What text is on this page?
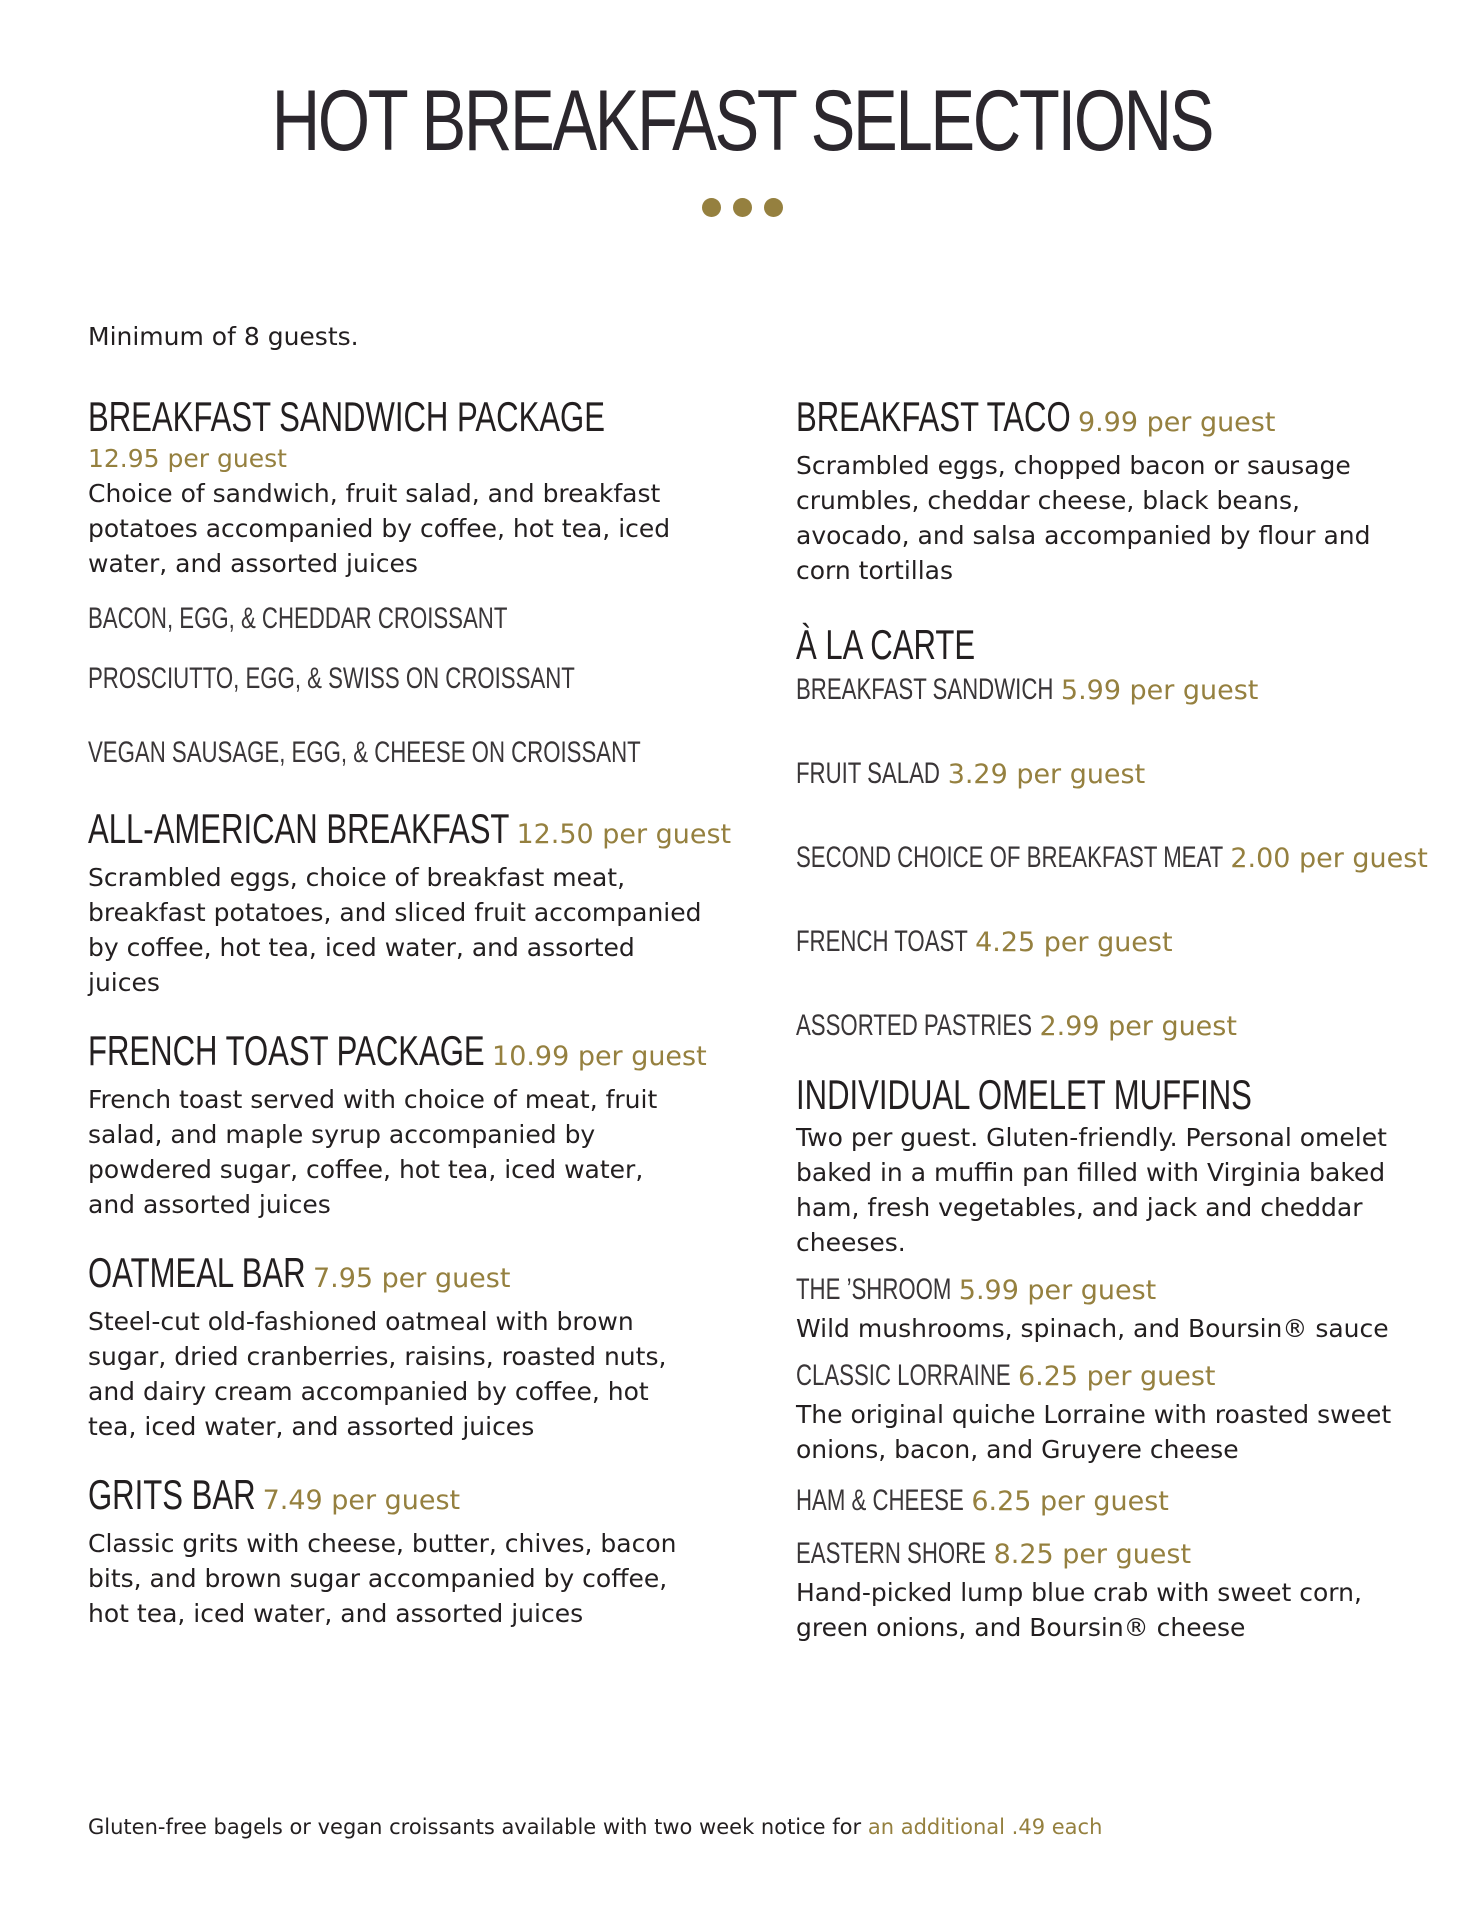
HOT BREAKFAST SELECTIONS
Minimum of 8 guests.
BREAKFAST SANDWICH PACKAGE
12.95 per guest

Choice of sandwich, fruit salad, and breakfast potatoes accompanied by coffee, hot tea, iced water, and assorted juices

BACON, EGG, & CHEDDAR CROISSANT
PROSCIUTTO, EGG, & SWISS ON CROISSANT
VEGAN SAUSAGE, EGG, & CHEESE ON CROISSANT
ALL-AMERICAN BREAKFAST 12.50 per guest

Scrambled eggs, choice of breakfast meat, breakfast potatoes, and sliced fruit accompanied by coffee, hot tea, iced water, and assorted juices

FRENCH TOAST PACKAGE 10.99 per guest

French toast served with choice of meat, fruit salad, and maple syrup accompanied by powdered sugar, coffee, hot tea, iced water, and assorted juices

OATMEAL BAR 7.95 per guest

Steel-cut old-fashioned oatmeal with brown sugar, dried cranberries, raisins, roasted nuts, and dairy cream accompanied by coffee, hot tea, iced water, and assorted juices

GRITS BAR 7.49 per guest

Classic grits with cheese, butter, chives, bacon bits, and brown sugar accompanied by coffee, hot tea, iced water, and assorted juices

BREAKFAST TACO 9.99 per guest

Scrambled eggs, chopped bacon or sausage crumbles, cheddar cheese, black beans, avocado, and salsa accompanied by flour and corn tortillas

À LA CARTE
BREAKFAST SANDWICH 5.99 per guest
FRUIT SALAD 3.29 per guest
SECOND CHOICE OF BREAKFAST MEAT 2.00 per guest
FRENCH TOAST 4.25 per guest
ASSORTED PASTRIES 2.99 per guest
INDIVIDUAL OMELET MUFFINS

Two per guest. Gluten-friendly. Personal omelet baked in a muffin pan filled with Virginia baked ham, fresh vegetables, and jack and cheddar cheeses.

THE ’SHROOM 5.99 per guest

Wild mushrooms, spinach, and Boursin® sauce

CLASSIC LORRAINE 6.25 per guest

The original quiche Lorraine with roasted sweet onions, bacon, and Gruyere cheese

HAM & CHEESE 6.25 per guest
EASTERN SHORE 8.25 per guest

Hand-picked lump blue crab with sweet corn, green onions, and Boursin® cheese

Gluten-free bagels or vegan croissants available with two week notice for an additional .49 each
